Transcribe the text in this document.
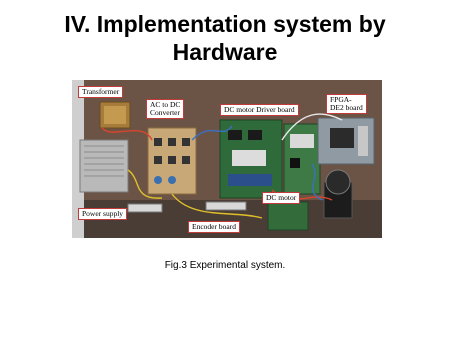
IV. Implementation system by
Hardware
Transformer
AC to DC
Converter	DC motor Driver board
FPGA-
DE2 board
Power supply
DC motor
Encoder board
Fig.3 Experimental system.
